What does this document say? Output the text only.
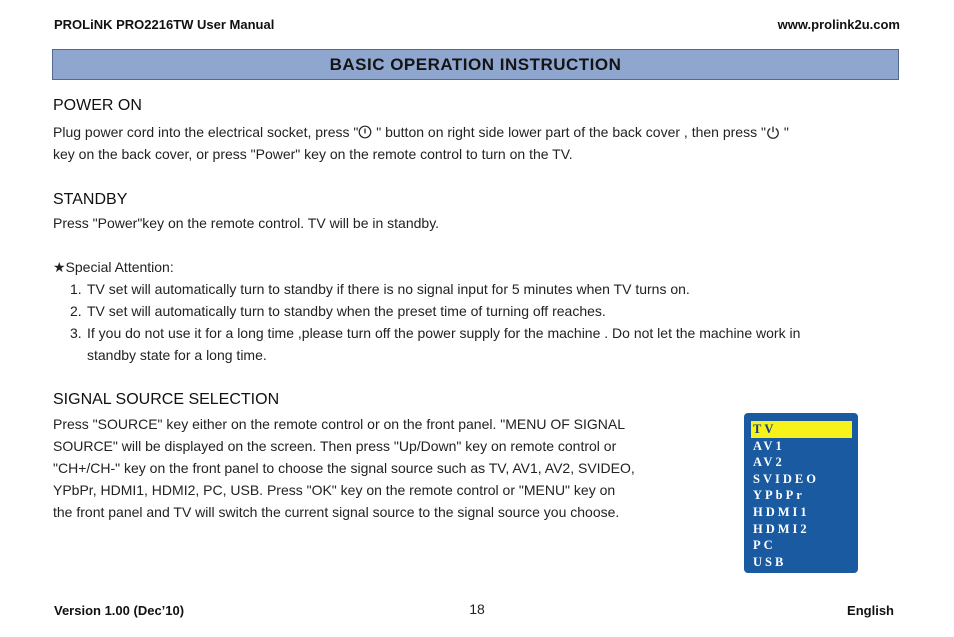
PROLiNK PRO2216TW User Manual	www.prolink2u.com
BASIC OPERATION INSTRUCTION
POWER ON
Plug power cord into the electrical socket, press "
" button on right side lower part of the back cover , then press "
"
key on the back cover, or press "Power" key on the remote control to turn on the TV.
STANDBY
Press "Power"key on the remote control. TV will be in standby.
★Special Attention:
1. TV set will automatically turn to standby if there is no signal input for 5 minutes when TV turns on.
2. TV set will automatically turn to standby when the preset time of turning off reaches.
3. If you do not use it for a long time ,please turn off the power supply for the machine . Do not let the machine work in
standby state for a long time.
SIGNAL SOURCE SELECTION
Press "SOURCE" key either on the remote control or on the front panel. "MENU OF SIGNAL
SOURCE" will be displayed on the screen. Then press "Up/Down" key on remote control or
"CH+/CH-" key on the front panel to choose the signal source such as TV, AV1, AV2, SVIDEO,
YPbPr, HDMI1, HDMI2, PC, USB. Press "OK" key on the remote control or "MENU" key on
the front panel and TV will switch the current signal source to the signal source you choose.
TV
AV1
AV2
SVIDEO
YPbPr
HDMI1
HDMI2
PC
USB
Version 1.00 (Dec’10)	18	English
